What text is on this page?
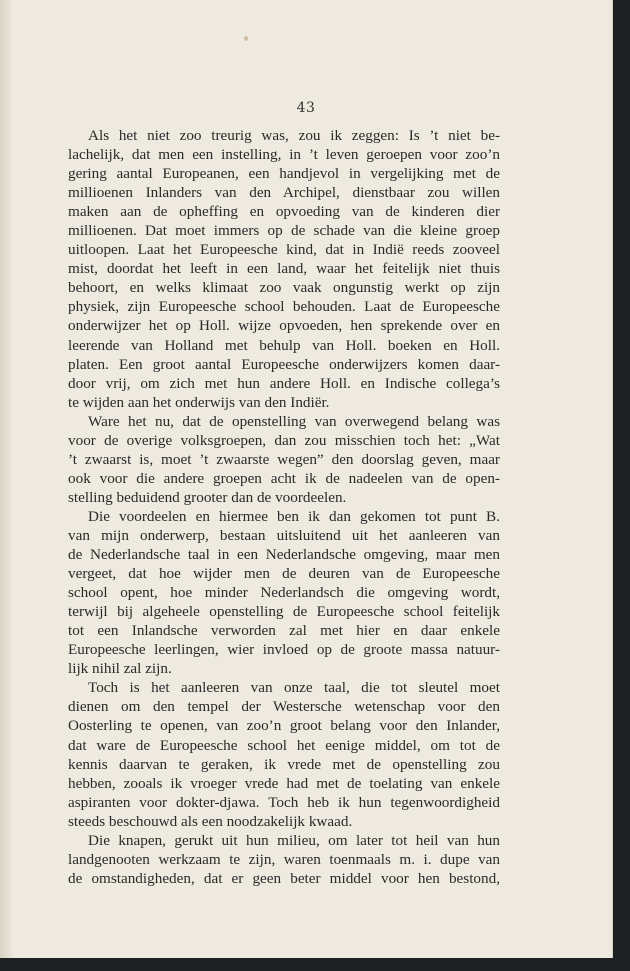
43
Als het niet zoo treurig was, zou ik zeggen: Is ’t niet be-
lachelijk, dat men een instelling, in ’t leven geroepen voor zoo’n
gering aantal Europeanen, een handjevol in vergelijking met de
millioenen Inlanders van den Archipel, dienstbaar zou willen
maken aan de opheffing en opvoeding van de kinderen dier
millioenen. Dat moet immers op de schade van die kleine groep
uitloopen. Laat het Europeesche kind, dat in Indië reeds zooveel
mist, doordat het leeft in een land, waar het feitelijk niet thuis
behoort, en welks klimaat zoo vaak ongunstig werkt op zijn
physiek, zijn Europeesche school behouden. Laat de Europeesche
onderwijzer het op Holl. wijze opvoeden, hen sprekende over en
leerende van Holland met behulp van Holl. boeken en Holl.
platen. Een groot aantal Europeesche onderwijzers komen daar-
door vrij, om zich met hun andere Holl. en Indische collega’s
te wijden aan het onderwijs van den Indiër.
Ware het nu, dat de openstelling van overwegend belang was
voor de overige volksgroepen, dan zou misschien toch het: „Wat
’t zwaarst is, moet ’t zwaarste wegen” den doorslag geven, maar
ook voor die andere groepen acht ik de nadeelen van de open-
stelling beduidend grooter dan de voordeelen.
Die voordeelen en hiermee ben ik dan gekomen tot punt B.
van mijn onderwerp, bestaan uitsluitend uit het aanleeren van
de Nederlandsche taal in een Nederlandsche omgeving, maar men
vergeet, dat hoe wijder men de deuren van de Europeesche
school opent, hoe minder Nederlandsch die omgeving wordt,
terwijl bij algeheele openstelling de Europeesche school feitelijk
tot een Inlandsche verworden zal met hier en daar enkele
Europeesche leerlingen, wier invloed op de groote massa natuur-
lijk nihil zal zijn.
Toch is het aanleeren van onze taal, die tot sleutel moet
dienen om den tempel der Westersche wetenschap voor den
Oosterling te openen, van zoo’n groot belang voor den Inlander,
dat ware de Europeesche school het eenige middel, om tot de
kennis daarvan te geraken, ik vrede met de openstelling zou
hebben, zooals ik vroeger vrede had met de toelating van enkele
aspiranten voor dokter-djawa. Toch heb ik hun tegenwoordigheid
steeds beschouwd als een noodzakelijk kwaad.
Die knapen, gerukt uit hun milieu, om later tot heil van hun
landgenooten werkzaam te zijn, waren toenmaals m. i. dupe van
de omstandigheden, dat er geen beter middel voor hen bestond,
